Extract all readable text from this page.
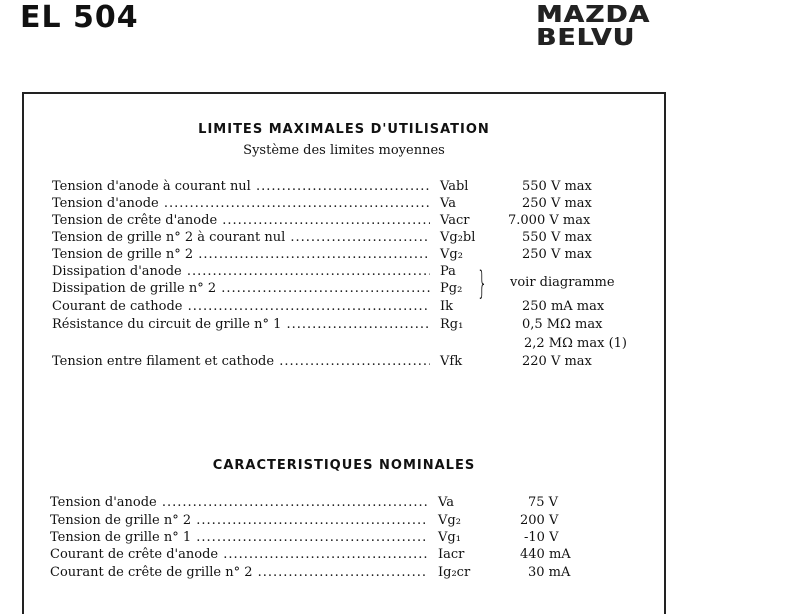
EL 504	MAZDA
BELVU
LIMITES MAXIMALES D'UTILISATION
Système des limites moyennes
Tension d'anode à courant nul .....	Vabl	550 V max
Tension d'anode .....	Va	250 V max
Tension de crête d'anode .....	Vacr	7.000 V max
Tension de grille n° 2 à courant nul .....	Vg₂bl	550 V max
Tension de grille n° 2 .....	Vg₂	250 V max
Dissipation d'anode .....	Pa
Dissipation de grille n° 2 .....	Pg₂ } voir diagramme
Courant de cathode .....	Ik	250 mA max
Résistance du circuit de grille n° 1 .....	Rg₁	0,5 MΩ max
2,2 MΩ max (1)
Tension entre filament et cathode .....	Vfk	220 V max
CARACTERISTIQUES NOMINALES
Tension d'anode .....	Va	75 V
Tension de grille n° 2 .....	Vg₂	200 V
Tension de grille n° 1 .....	Vg₁	-10 V
Courant de crête d'anode .....	Iacr	440 mA
Courant de crête de grille n° 2 .....	Ig₂cr	30 mA
